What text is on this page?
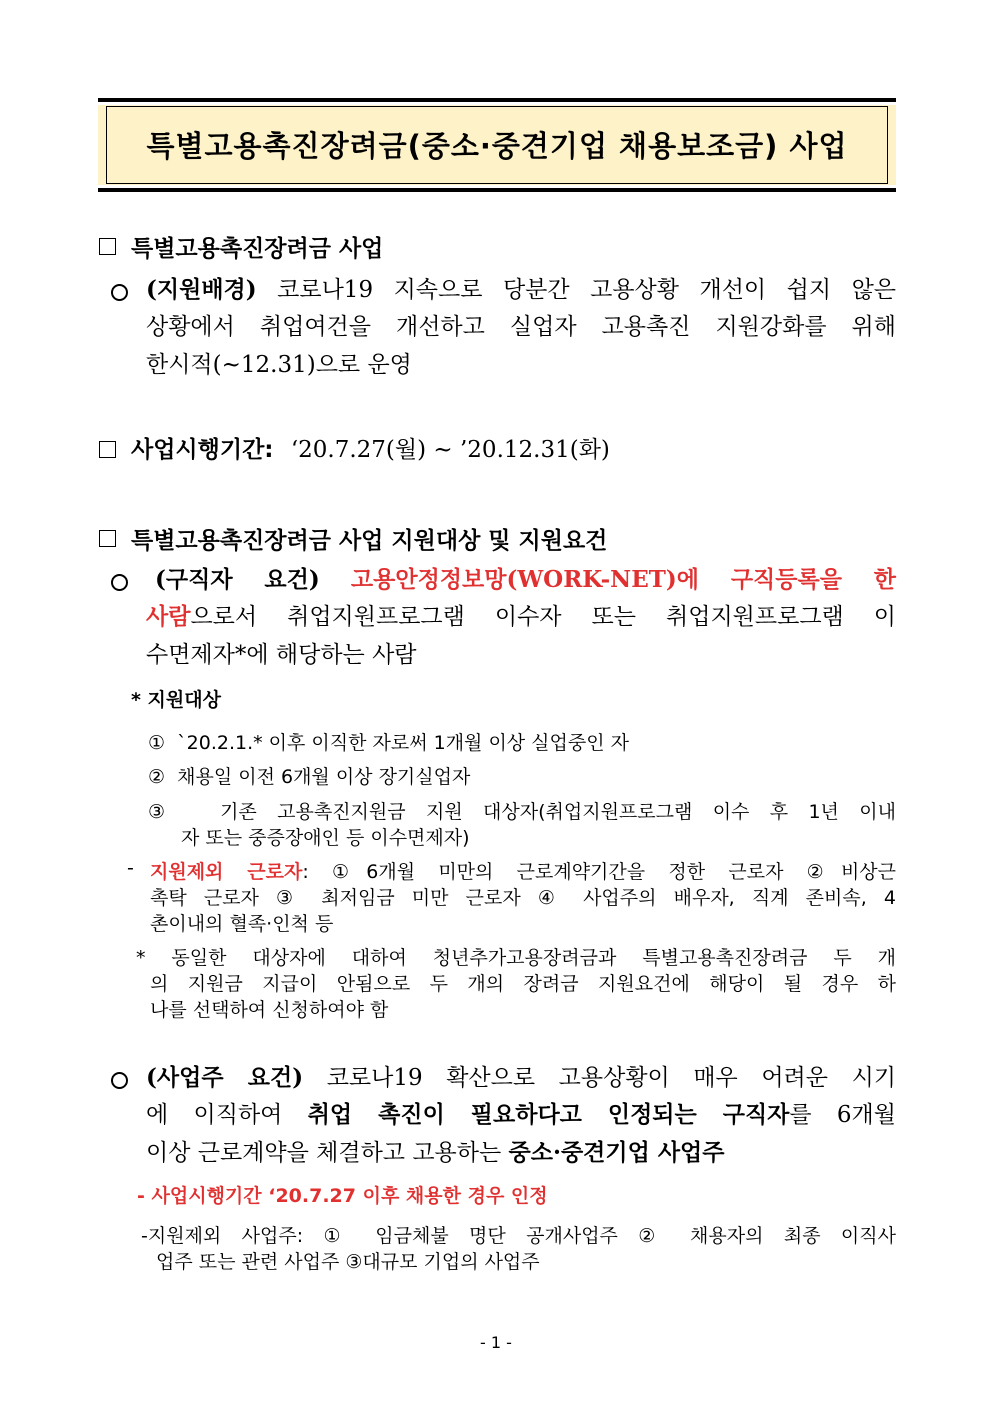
특별고용촉진장려금(중소·중견기업 채용보조금) 사업
특별고용촉진장려금 사업
(지원배경) 코로나19 지속으로 당분간 고용상황 개선이 쉽지 않은
상황에서 취업여건을 개선하고 실업자 고용촉진 지원강화를 위해
한시적(~12.31)으로 운영
사업시행기간: ‘20.7.27(월) ~ ’20.12.31(화)
특별고용촉진장려금 사업 지원대상 및 지원요건
(구직자 요건) 고용안정정보망(WORK-NET)에 구직등록을 한
사람으로서 취업지원프로그램 이수자 또는 취업지원프로그램 이
수면제자*에 해당하는 사람
* 지원대상
① `20.2.1.* 이후 이직한 자로써 1개월 이상 실업중인 자
② 채용일 이전 6개월 이상 장기실업자
③ 기존 고용촉진지원금 지원 대상자(취업지원프로그램 이수 후 1년 이내
자 또는 중증장애인 등 이수면제자)
- 지원제외 근로자: ①6개월 미만의 근로계약기간을 정한 근로자 ②비상근
촉탁 근로자 ③ 최저임금 미만 근로자 ④ 사업주의 배우자, 직계 존비속, 4
촌이내의 혈족·인척 등
* 동일한 대상자에 대하여 청년추가고용장려금과 특별고용촉진장려금 두 개
의 지원금 지급이 안됨으로 두 개의 장려금 지원요건에 해당이 될 경우 하
나를 선택하여 신청하여야 함
(사업주 요건) 코로나19 확산으로 고용상황이 매우 어려운 시기
에 이직하여 취업 촉진이 필요하다고 인정되는 구직자를 6개월
이상 근로계약을 체결하고 고용하는 중소·중견기업 사업주
- 사업시행기간 ‘20.7.27 이후 채용한 경우 인정
-지원제외 사업주: ① 임금체불 명단 공개사업주 ② 채용자의 최종 이직사
업주 또는 관련 사업주 ③대규모 기업의 사업주
- 1 -
